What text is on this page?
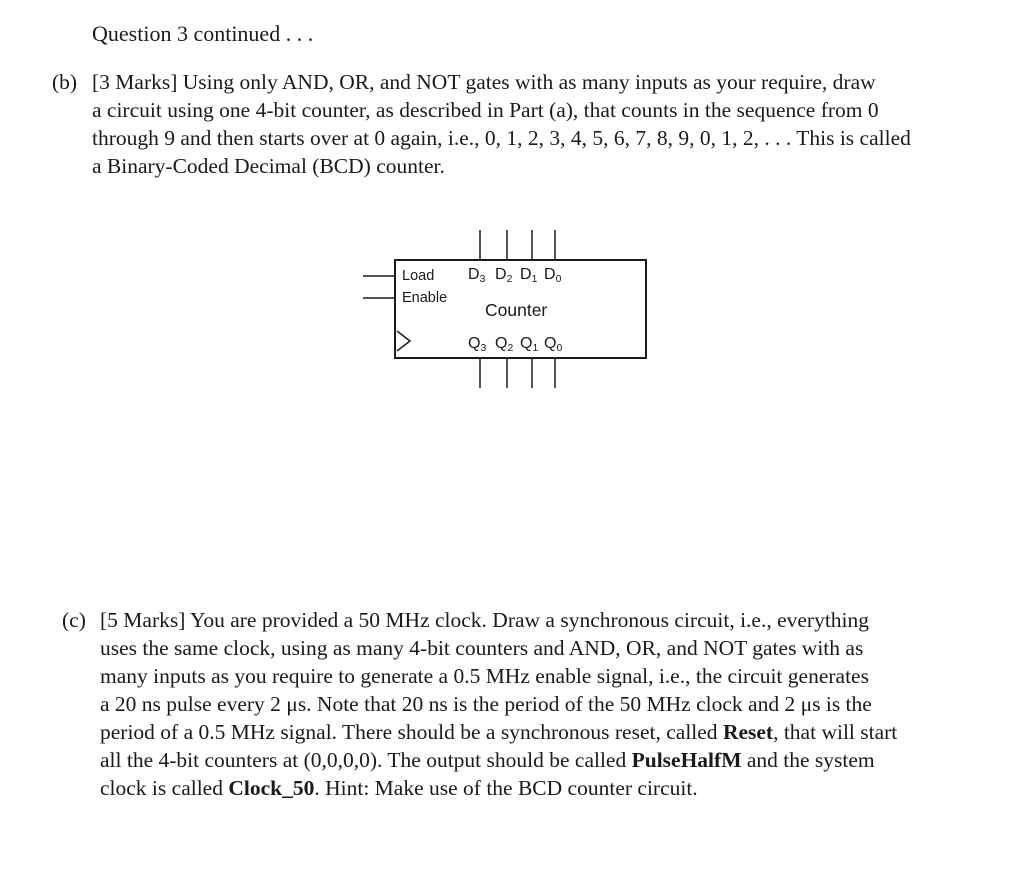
Question 3 continued . . .
(b) [3 Marks] Using only AND, OR, and NOT gates with as many inputs as your require, draw
a circuit using one 4-bit counter, as described in Part (a), that counts in the sequence from 0
through 9 and then starts over at 0 again, i.e., 0, 1, 2, 3, 4, 5, 6, 7, 8, 9, 0, 1, 2, . . . This is called
a Binary-Coded Decimal (BCD) counter.
Load
Enable
Counter
$D_3$ $D_2$ $D_1$ $D_0$
$Q_3$ $Q_2$ $Q_1$ $Q_0$
(c) [5 Marks] You are provided a 50 MHz clock. Draw a synchronous circuit, i.e., everything
uses the same clock, using as many 4-bit counters and AND, OR, and NOT gates with as
many inputs as you require to generate a 0.5 MHz enable signal, i.e., the circuit generates
a 20 ns pulse every 2 μs. Note that 20 ns is the period of the 50 MHz clock and 2 μs is the
period of a 0.5 MHz signal. There should be a synchronous reset, called Reset, that will start
all the 4-bit counters at (0,0,0,0). The output should be called PulseHalfM and the system
clock is called Clock_50. Hint: Make use of the BCD counter circuit.
